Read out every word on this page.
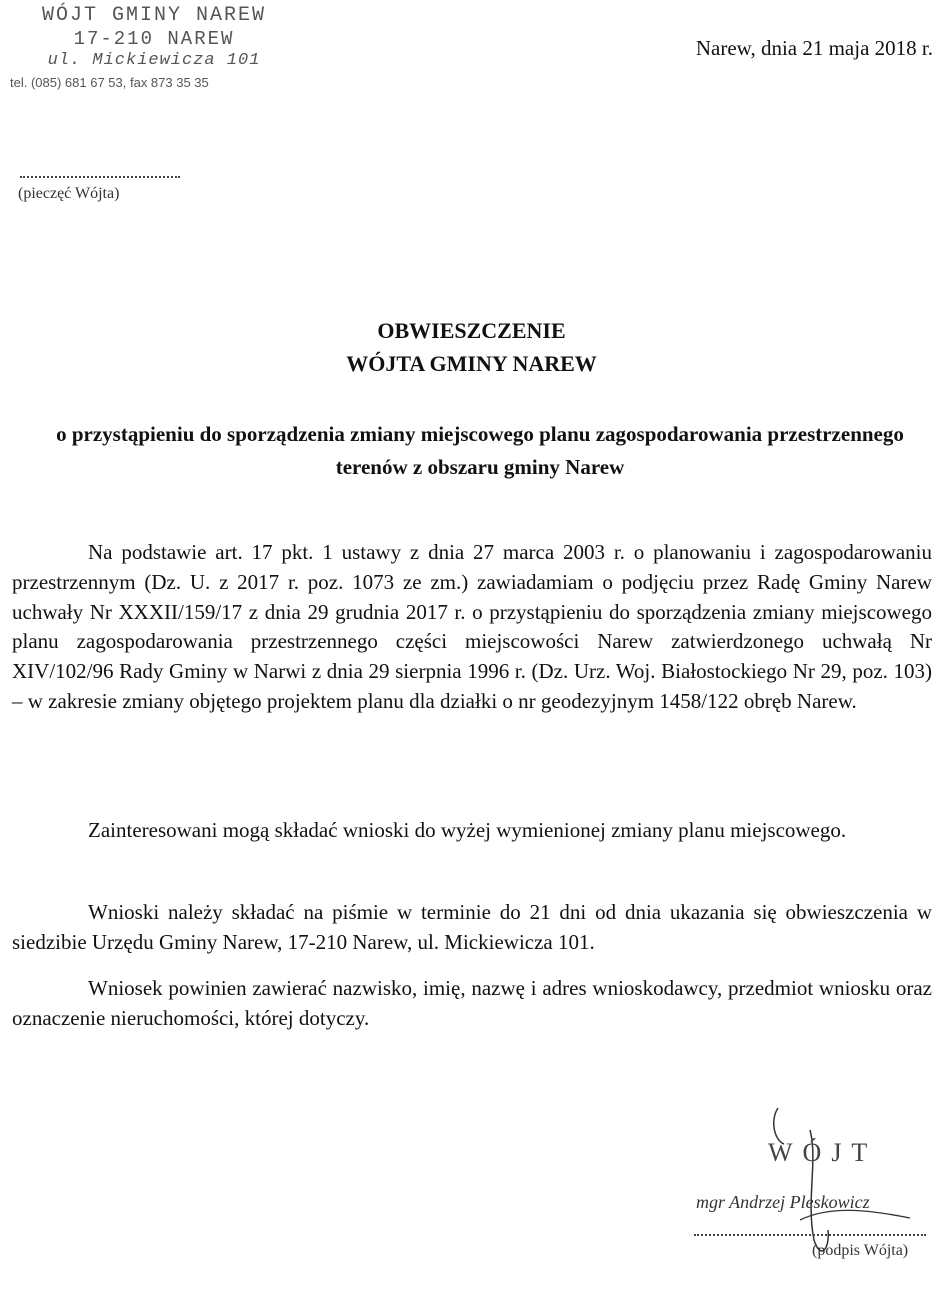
WÓJT GMINY NAREW
17-210 NAREW
ul. Mickiewicza 101
tel. (085) 681 67 53, fax 873 35 35
Narew, dnia 21 maja 2018 r.
(pieczęć Wójta)
OBWIESZCZENIE
WÓJTA GMINY NAREW
o przystąpieniu do sporządzenia zmiany miejscowego planu zagospodarowania przestrzennego terenów z obszaru gminy Narew

Na podstawie art. 17 pkt. 1 ustawy z dnia 27 marca 2003 r. o planowaniu i zagospodarowaniu przestrzennym (Dz. U. z 2017 r. poz. 1073 ze zm.) zawiadamiam o podjęciu przez Radę Gminy Narew uchwały Nr XXXII/159/17 z dnia 29 grudnia 2017 r. o przystąpieniu do sporządzenia zmiany miejscowego planu zagospodarowania przestrzennego części miejscowości Narew zatwierdzonego uchwałą Nr XIV/102/96 Rady Gminy w Narwi z dnia 29 sierpnia 1996 r. (Dz. Urz. Woj. Białostockiego Nr 29, poz. 103) – w zakresie zmiany objętego projektem planu dla działki o nr geodezyjnym 1458/122 obręb Narew.

Zainteresowani mogą składać wnioski do wyżej wymienionej zmiany planu miejscowego.

Wnioski należy składać na piśmie w terminie do 21 dni od dnia ukazania się obwieszczenia w siedzibie Urzędu Gminy Narew, 17-210 Narew, ul. Mickiewicza 101.

Wniosek powinien zawierać nazwisko, imię, nazwę i adres wnioskodawcy, przedmiot wniosku oraz oznaczenie nieruchomości, której dotyczy.

WÓJT
mgr Andrzej Pleskowicz
(podpis Wójta)
